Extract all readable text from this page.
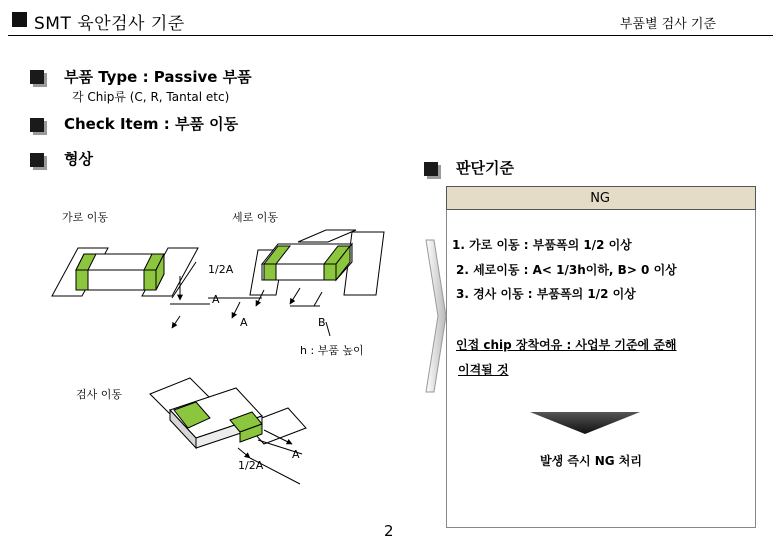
SMT 육안검사 기준	부품별 검사 기준
부품 Type : Passive 부품
각 Chip류 (C, R, Tantal etc)
Check Item : 부품 이동
형상	판단기준
NG
1. 가로 이동 : 부품폭의 1/2 이상
2. 세로이동 : A< 1/3h이하, B> 0 이상
3. 경사 이동 : 부품폭의 1/2 이상
인접 chip 장착여유 : 사업부 기준에 준해
이격될 것
발생 즉시 NG 처리
가로 이동	세로 이동
검사 이동
1/2A
1/2A
A
A	B
A
h : 부품 높이
2
